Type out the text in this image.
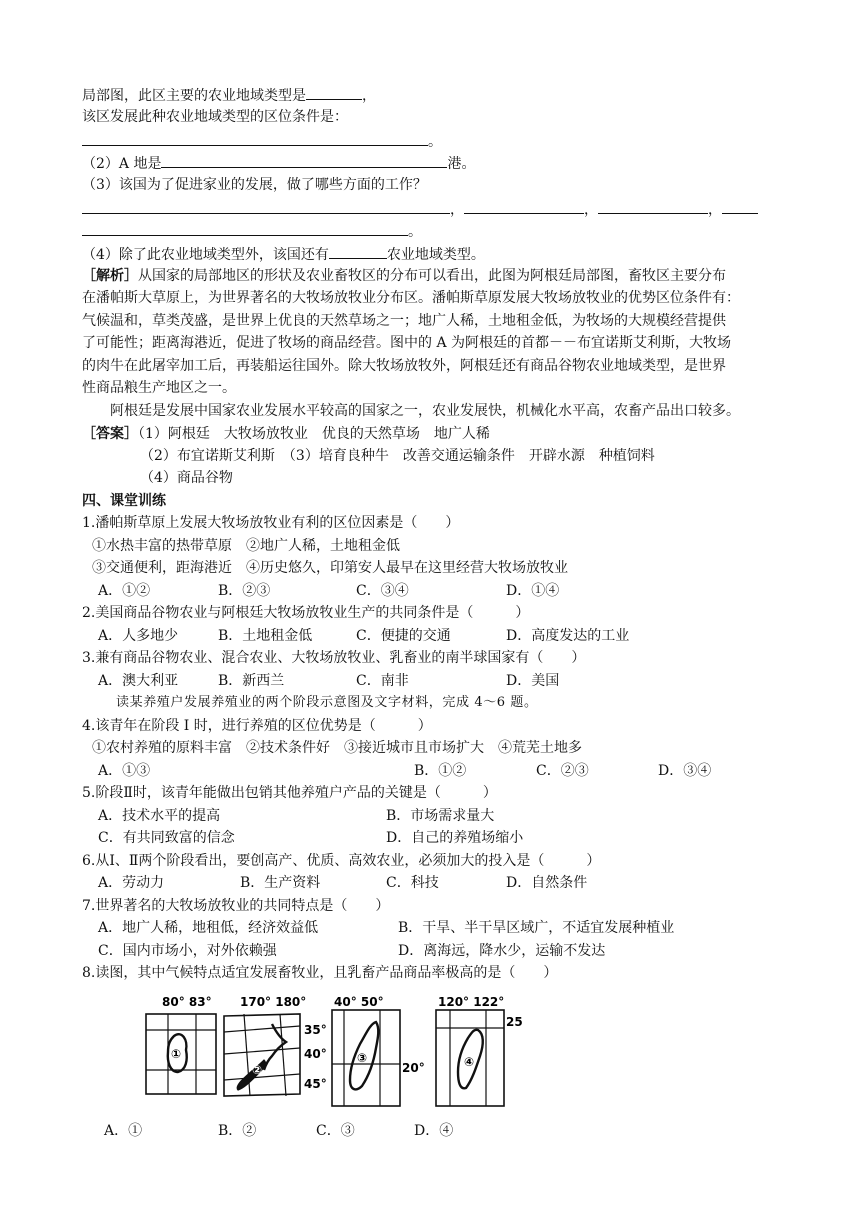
局部图，此区主要的农业地域类型是	，
该区发展此种农业地域类型的区位条件是：
。
（2）A 地是	港。
（3）该国为了促进家业的发展，做了哪些方面的工作？
，	，	，
。
（4）除了此农业地域类型外，该国还有	农业地域类型。
［解析］从国家的局部地区的形状及农业畜牧区的分布可以看出，此图为阿根廷局部图，畜牧区主要分布
在潘帕斯大草原上，为世界著名的大牧场放牧业分布区。潘帕斯草原发展大牧场放牧业的优势区位条件有：
气候温和，草类茂盛，是世界上优良的天然草场之一；地广人稀，土地租金低，为牧场的大规模经营提供
了可能性；距离海港近，促进了牧场的商品经营。图中的 A 为阿根廷的首都－－布宜诺斯艾利斯，大牧场
的肉牛在此屠宰加工后，再装船运往国外。除大牧场放牧外，阿根廷还有商品谷物农业地域类型，是世界
性商品粮生产地区之一。
阿根廷是发展中国家农业发展水平较高的国家之一，农业发展快，机械化水平高，农畜产品出口较多。
［答案］（1）阿根廷　大牧场放牧业　优良的天然草场　地广人稀
（2）布宜诺斯艾利斯　（3）培育良种牛　改善交通运输条件　开辟水源　种植饲料
（4）商品谷物
四、课堂训练
1.潘帕斯草原上发展大牧场放牧业有利的区位因素是（　　）
①水热丰富的热带草原　②地广人稀，土地租金低
③交通便利，距海港近　④历史悠久，印第安人最早在这里经营大牧场放牧业
A．①②	B．②③	C．③④	D．①④
2.美国商品谷物农业与阿根廷大牧场放牧业生产的共同条件是（　　　）
A．人多地少	B．土地租金低	C．便捷的交通	D．高度发达的工业
3.兼有商品谷物农业、混合农业、大牧场放牧业、乳畜业的南半球国家有（　　）
A．澳大利亚	B．新西兰	C．南非	D．美国
读某养殖户发展养殖业的两个阶段示意图及文字材料，完成 4～6 题。
4.该青年在阶段 I 时，进行养殖的区位优势是（　　　）
①农村养殖的原料丰富　②技术条件好　③接近城市且市场扩大　④荒芜土地多
A．①③	B．①②	C．②③	D．③④
5.阶段Ⅱ时，该青年能做出包销其他养殖户产品的关键是（　　　）
A．技术水平的提高	B．市场需求量大
C．有共同致富的信念	D．自己的养殖场缩小
6.从Ⅰ、Ⅱ两个阶段看出，要创高产、优质、高效农业，必须加大的投入是（　　　）
A．劳动力	B．生产资料	C．科技	D．自然条件
7.世界著名的大牧场放牧业的共同特点是（　　）
A．地广人稀，地租低，经济效益低	B．干旱、半干旱区域广，不适宜发展种植业
C．国内市场小，对外依赖强	D．离海远，降水少，运输不发达
8.读图，其中气候特点适宜发展畜牧业，且乳畜产品商品率极高的是（　　）
80° 83°
①
170° 180°
②
35°
40°
45°
40° 50°
③
20°
120° 122°
④
25
A．①	B．②	C．③	D．④
